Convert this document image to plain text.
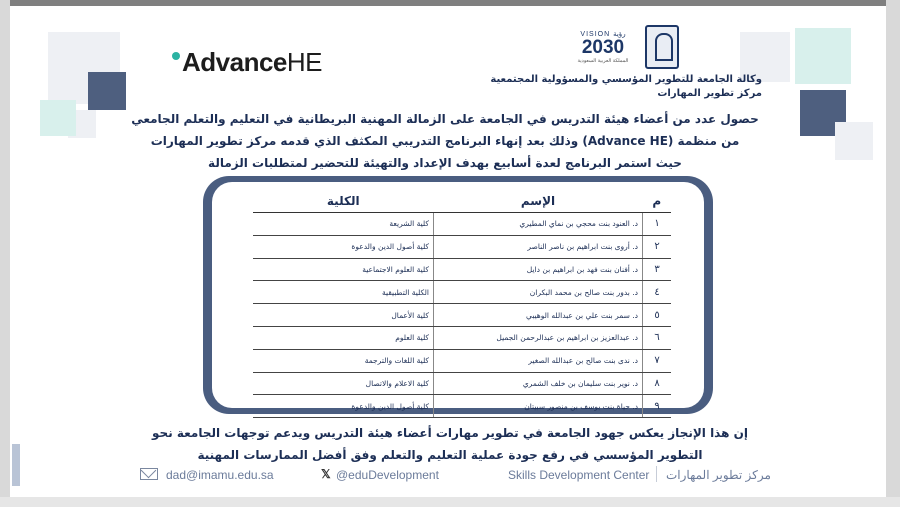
AdvanceHE
VISION رؤية
2030
المملكة العربية السعودية
وكالة الجامعة للتطوير المؤسسي والمسؤولية المجتمعية
مركز تطوير المهارات
حصول عدد من أعضاء هيئة التدريس في الجامعة على الزمالة المهنية البريطانية في التعليم والتعلم الجامعي
من منظمة (Advance HE) وذلك بعد إنهاء البرنامج التدريبي المكثف الذي قدمه مركز تطوير المهارات
حيث استمر البرنامج لعدة أسابيع بهدف الإعداد والتهيئة للتحضير لمتطلبات الزمالة
م	الإسم	الكلية
١	د. العنود بنت محجي بن نماي المطيري	كلية الشريعة
٢	د. أروى بنت ابراهيم بن ناصر الناصر	كلية أصول الدين والدعوة
٣	د. أفنان بنت فهد بن ابراهيم بن دايل	كلية العلوم الاجتماعية
٤	د. بدور بنت صالح بن محمد البكران	الكلية التطبيقية
٥	د. سمر بنت علي بن عبدالله الوهيبي	كلية الأعمال
٦	د. عبدالعزيز بن ابراهيم بن عبدالرحمن الجميل	كلية العلوم
٧	د. ندى بنت صالح بن عبدالله الصغير	كلية اللغات والترجمة
٨	د. نوير بنت سليمان بن خلف الشمري	كلية الاعلام والاتصال
٩	د. حياة بنت يوسف بن منصور سبيتان	كلية أصول الدين والدعوة
إن هذا الإنجاز يعكس جهود الجامعة في تطوير مهارات أعضاء هيئة التدريس ويدعم توجهات الجامعة نحو
التطوير المؤسسي في رفع جودة عملية التعليم والتعلم وفق أفضل الممارسات المهنية
dad@imamu.edu.sa	𝕏 @eduDevelopment	Skills Development Center مركز تطوير المهارات
